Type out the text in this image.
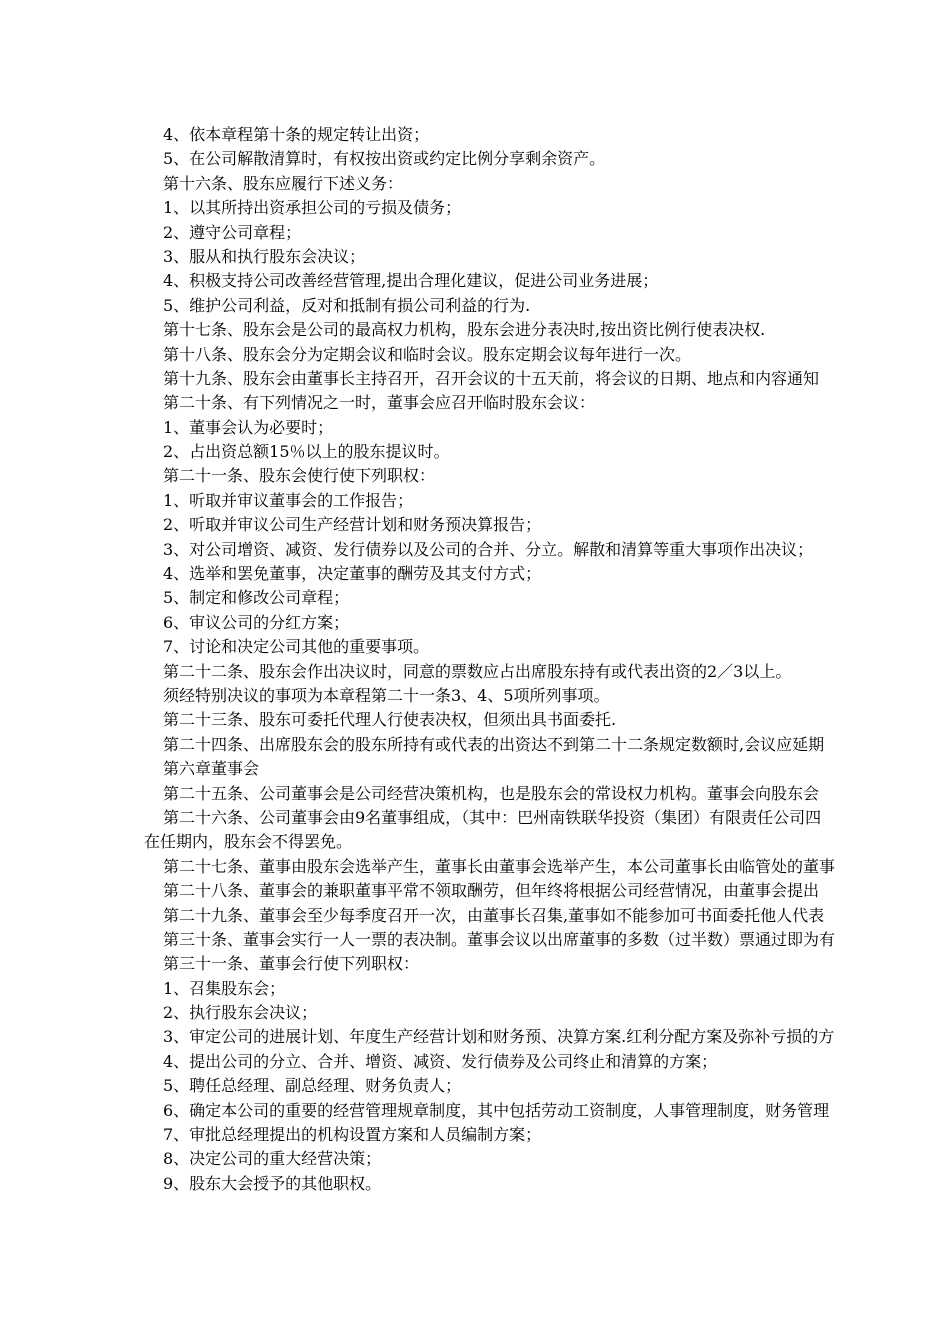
4、依本章程第十条的规定转让出资；
5、在公司解散清算时，有权按出资或约定比例分享剩余资产。
第十六条、股东应履行下述义务：
1、以其所持出资承担公司的亏损及债务；
2、遵守公司章程；
3、服从和执行股东会决议；
4、积极支持公司改善经营管理,提出合理化建议，促进公司业务进展；
5、维护公司利益，反对和抵制有损公司利益的行为.
第十七条、股东会是公司的最高权力机构，股东会进分表决时,按出资比例行使表决权.
第十八条、股东会分为定期会议和临时会议。股东定期会议每年进行一次。
第十九条、股东会由董事长主持召开，召开会议的十五天前，将会议的日期、地点和内容通知
第二十条、有下列情况之一时，董事会应召开临时股东会议：
1、董事会认为必要时；
2、占出资总额15％以上的股东提议时。
第二十一条、股东会使行使下列职权：
1、听取并审议董事会的工作报告；
2、听取并审议公司生产经营计划和财务预决算报告；
3、对公司增资、减资、发行债券以及公司的合并、分立。解散和清算等重大事项作出决议；
4、选举和罢免董事，决定董事的酬劳及其支付方式；
5、制定和修改公司章程；
6、审议公司的分红方案；
7、讨论和决定公司其他的重要事项。
第二十二条、股东会作出决议时，同意的票数应占出席股东持有或代表出资的2／3以上。
须经特别决议的事项为本章程第二十一条3、4、5项所列事项。
第二十三条、股东可委托代理人行使表决权，但须出具书面委托.
第二十四条、出席股东会的股东所持有或代表的出资达不到第二十二条规定数额时,会议应延期
第六章董事会
第二十五条、公司董事会是公司经营决策机构，也是股东会的常设权力机构。董事会向股东会
第二十六条、公司董事会由9名董事组成，（其中：巴州南铁联华投资（集团）有限责任公司四
在任期内，股东会不得罢免。
第二十七条、董事由股东会选举产生，董事长由董事会选举产生，本公司董事长由临管处的董事
第二十八条、董事会的兼职董事平常不领取酬劳，但年终将根据公司经营情况，由董事会提出
第二十九条、董事会至少每季度召开一次，由董事长召集,董事如不能参加可书面委托他人代表
第三十条、董事会实行一人一票的表决制。董事会议以出席董事的多数（过半数）票通过即为有
第三十一条、董事会行使下列职权：
1、召集股东会；
2、执行股东会决议；
3、审定公司的进展计划、年度生产经营计划和财务预、决算方案.红利分配方案及弥补亏损的方
4、提出公司的分立、合并、增资、减资、发行债券及公司终止和清算的方案；
5、聘任总经理、副总经理、财务负责人；
6、确定本公司的重要的经营管理规章制度，其中包括劳动工资制度，人事管理制度，财务管理
7、审批总经理提出的机构设置方案和人员编制方案；
8、决定公司的重大经营决策；
9、股东大会授予的其他职权。
